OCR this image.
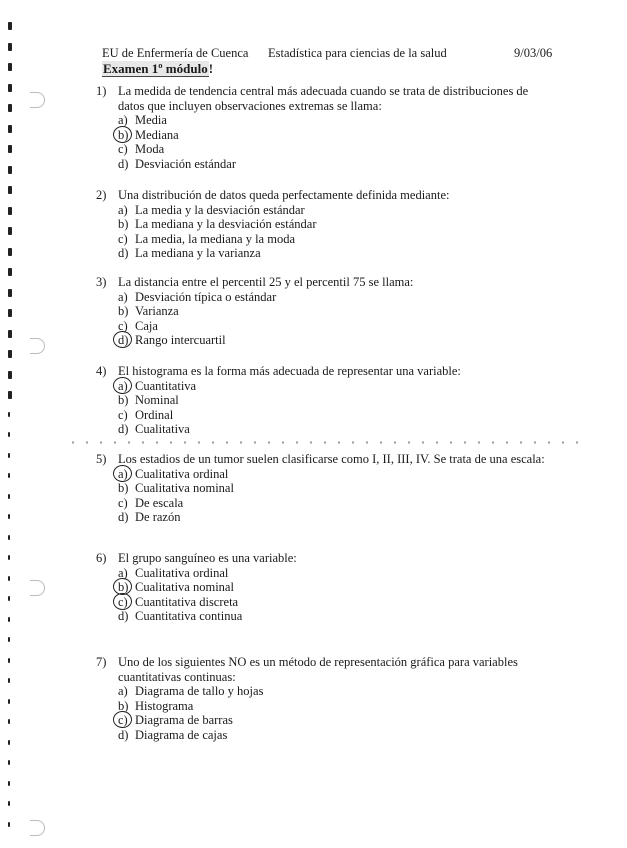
EU de Enfermería de Cuenca Estadística para ciencias de la salud	9/03/06
Examen 1º módulo!
1) La medida de tendencia central más adecuada cuando se trata de distribuciones de datos que incluyen observaciones extremas se llama:
a) Media
b) Mediana
c) Moda
d) Desviación estándar
2) Una distribución de datos queda perfectamente definida mediante:
a) La media y la desviación estándar
b) La mediana y la desviación estándar
c) La media, la mediana y la moda
d) La mediana y la varianza
3) La distancia entre el percentil 25 y el percentil 75 se llama:
a) Desviación típica o estándar
b) Varianza
c) Caja
d) Rango intercuartil
4) El histograma es la forma más adecuada de representar una variable:
a) Cuantitativa
b) Nominal
c) Ordinal
d) Cualitativa
5) Los estadios de un tumor suelen clasificarse como I, II, III, IV. Se trata de una escala:
a) Cualitativa ordinal
b) Cualitativa nominal
c) De escala
d) De razón
6) El grupo sanguíneo es una variable:
a) Cualitativa ordinal
b) Cualitativa nominal
c) Cuantitativa discreta
d) Cuantitativa continua
7) Uno de los siguientes NO es un método de representación gráfica para variables cuantitativas continuas:
a) Diagrama de tallo y hojas
b) Histograma
c) Diagrama de barras
d) Diagrama de cajas
